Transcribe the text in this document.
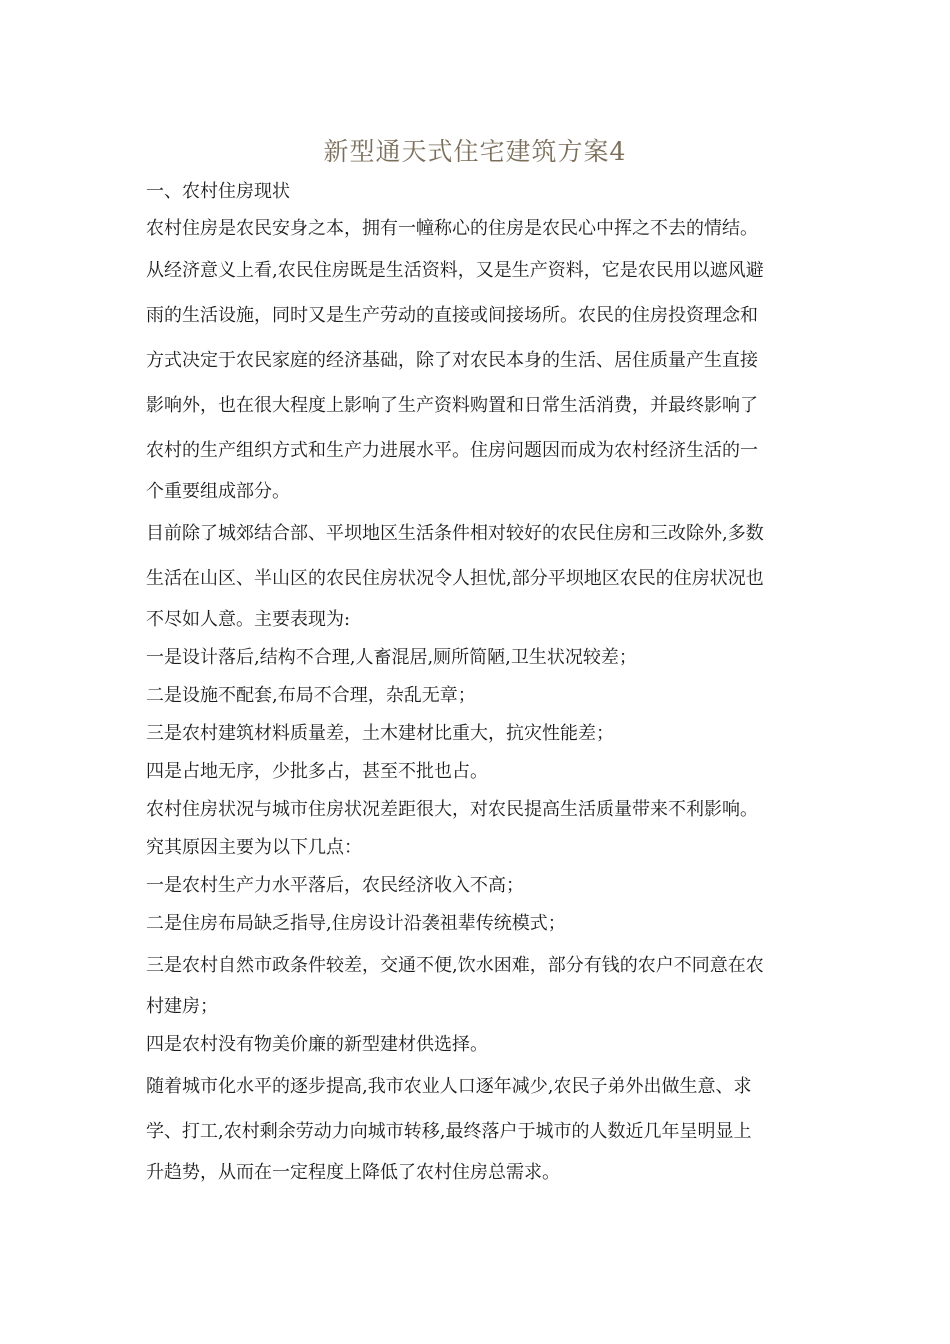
新型通天式住宅建筑方案4
一、农村住房现状
农村住房是农民安身之本，拥有一幢称心的住房是农民心中挥之不去的情结。
从经济意义上看,农民住房既是生活资料，又是生产资料，它是农民用以遮风避
雨的生活设施，同时又是生产劳动的直接或间接场所。农民的住房投资理念和
方式决定于农民家庭的经济基础，除了对农民本身的生活、居住质量产生直接
影响外，也在很大程度上影响了生产资料购置和日常生活消费，并最终影响了
农村的生产组织方式和生产力进展水平。住房问题因而成为农村经济生活的一
个重要组成部分。
目前除了城郊结合部、平坝地区生活条件相对较好的农民住房和三改除外,多数
生活在山区、半山区的农民住房状况令人担忧,部分平坝地区农民的住房状况也
不尽如人意。主要表现为:
一是设计落后,结构不合理,人畜混居,厕所简陋,卫生状况较差；
二是设施不配套,布局不合理，杂乱无章；
三是农村建筑材料质量差，土木建材比重大，抗灾性能差；
四是占地无序，少批多占，甚至不批也占。
农村住房状况与城市住房状况差距很大，对农民提高生活质量带来不利影响。
究其原因主要为以下几点：
一是农村生产力水平落后，农民经济收入不高；
二是住房布局缺乏指导,住房设计沿袭祖辈传统模式；
三是农村自然市政条件较差，交通不便,饮水困难，部分有钱的农户不同意在农
村建房；
四是农村没有物美价廉的新型建材供选择。
随着城市化水平的逐步提高,我市农业人口逐年减少,农民子弟外出做生意、求
学、打工,农村剩余劳动力向城市转移,最终落户于城市的人数近几年呈明显上
升趋势，从而在一定程度上降低了农村住房总需求。
